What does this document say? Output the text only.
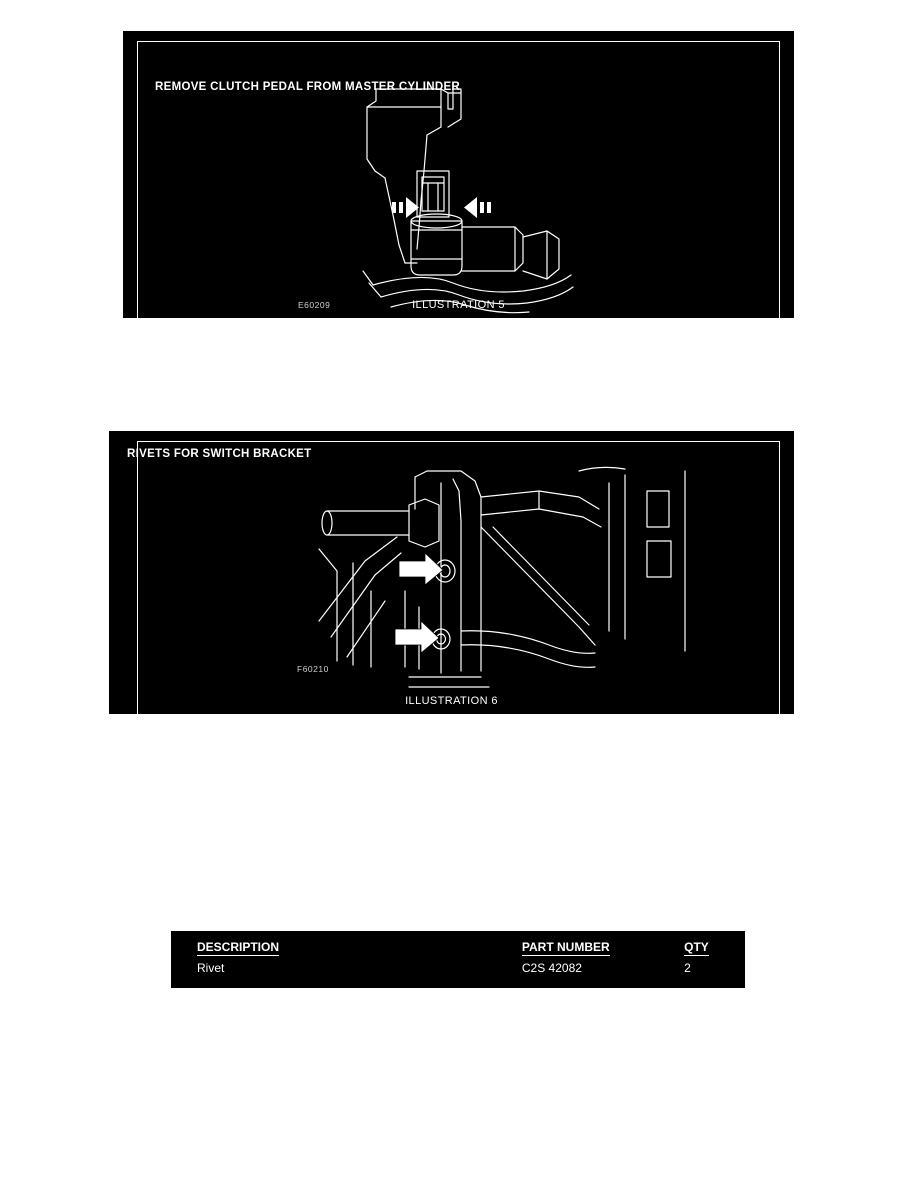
REMOVE CLUTCH PEDAL FROM MASTER CYLINDER
E60209	ILLUSTRATION 5
F60210
RIVETS FOR SWITCH BRACKET
ILLUSTRATION 6
DESCRIPTION	PART NUMBER	QTY
Rivet	C2S 42082	2
